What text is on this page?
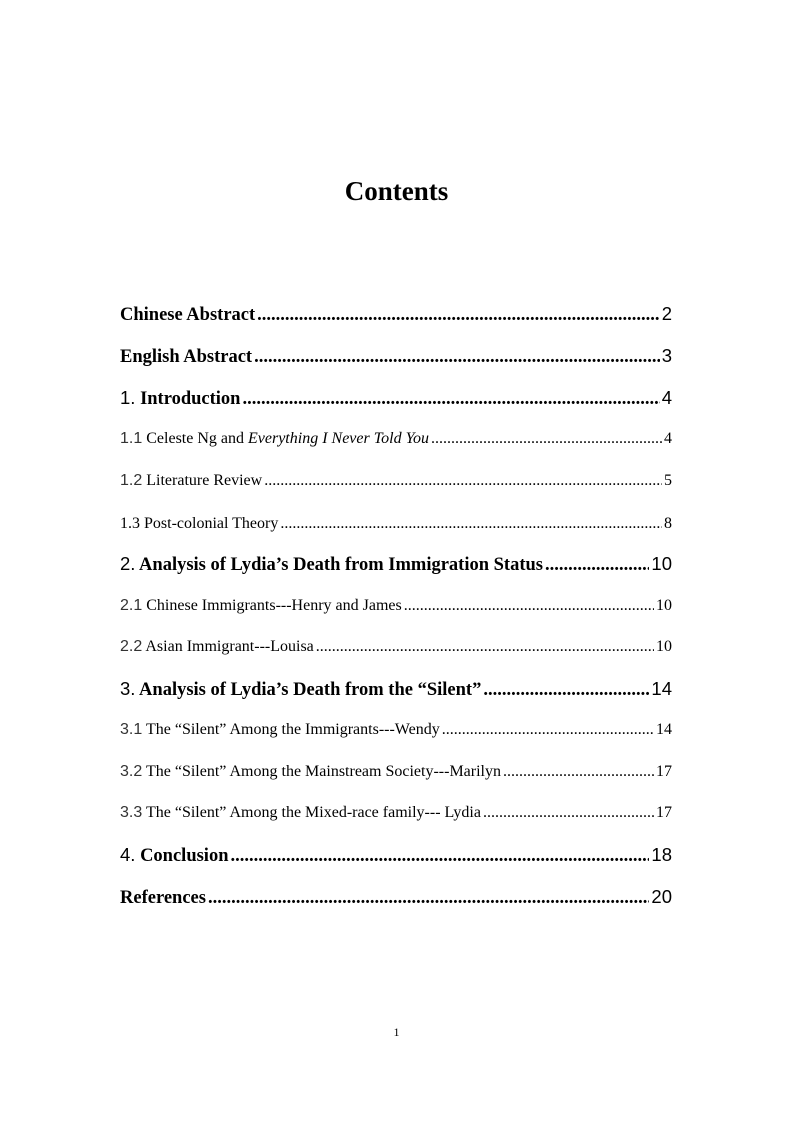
Contents
Chinese Abstract .....	2
English Abstract .....	3
1. Introduction .....	4
1.1 Celeste Ng and Everything I Never Told You .....	4
1.2 Literature Review .....	5
1.3 Post-colonial Theory .....	8
2. Analysis of Lydia’s Death from Immigration Status .....	10
2.1 Chinese Immigrants---Henry and James .....	10
2.2 Asian Immigrant---Louisa .....	10
3. Analysis of Lydia’s Death from the “Silent” .....	14
3.1 The “Silent” Among the Immigrants---Wendy .....	14
3.2 The “Silent” Among the Mainstream Society---Marilyn .....	17
3.3 The “Silent” Among the Mixed-race family--- Lydia .....	17
4. Conclusion .....	18
References .....	20
1
